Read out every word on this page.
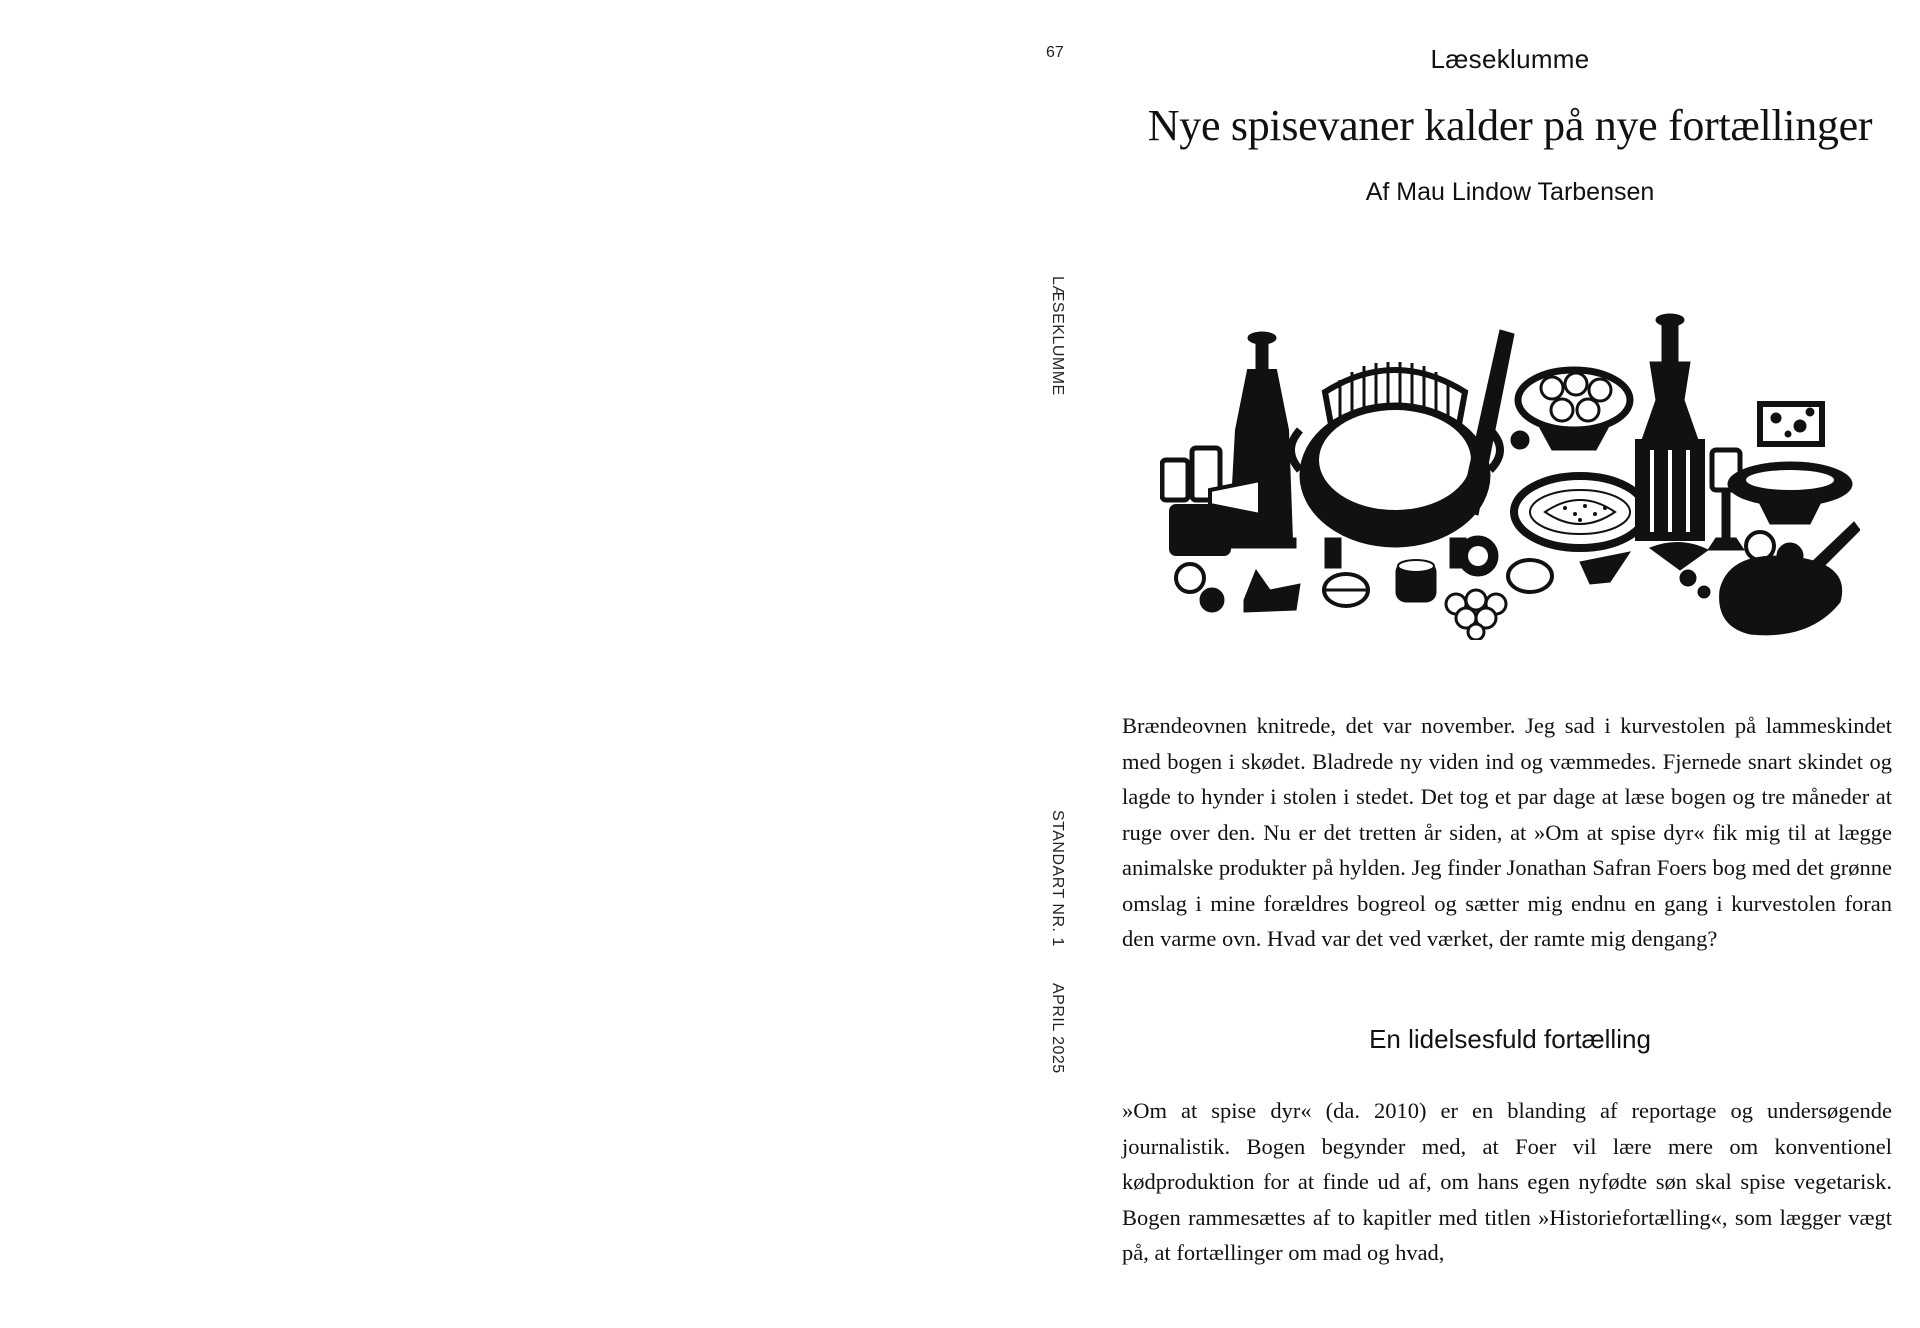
67
LÆSEKLUMME
STANDART NR. 1
APRIL 2025
Læseklumme
Nye spisevaner kalder på nye fortællinger
Af Mau Lindow Tarbensen

Brændeovnen knitrede, det var november. Jeg sad i kurvestolen på lammeskindet med bogen i skødet. Bladrede ny viden ind og væmmedes. Fjernede snart skindet og lagde to hynder i stolen i stedet. Det tog et par dage at læse bogen og tre måneder at ruge over den. Nu er det tretten år siden, at »Om at spise dyr« fik mig til at lægge animalske produkter på hylden. Jeg finder Jonathan Safran Foers bog med det grønne omslag i mine forældres bogreol og sætter mig endnu en gang i kurvestolen foran den varme ovn. Hvad var det ved værket, der ramte mig dengang?

En lidelsesfuld fortælling

»Om at spise dyr« (da. 2010) er en blanding af reportage og undersøgende journalistik. Bogen begynder med, at Foer vil lære mere om konventionel kødproduktion for at finde ud af, om hans egen nyfødte søn skal spise vegetarisk. Bogen rammesættes af to kapitler med titlen »Historiefortælling«, som lægger vægt på, at fortællinger om mad og hvad,
